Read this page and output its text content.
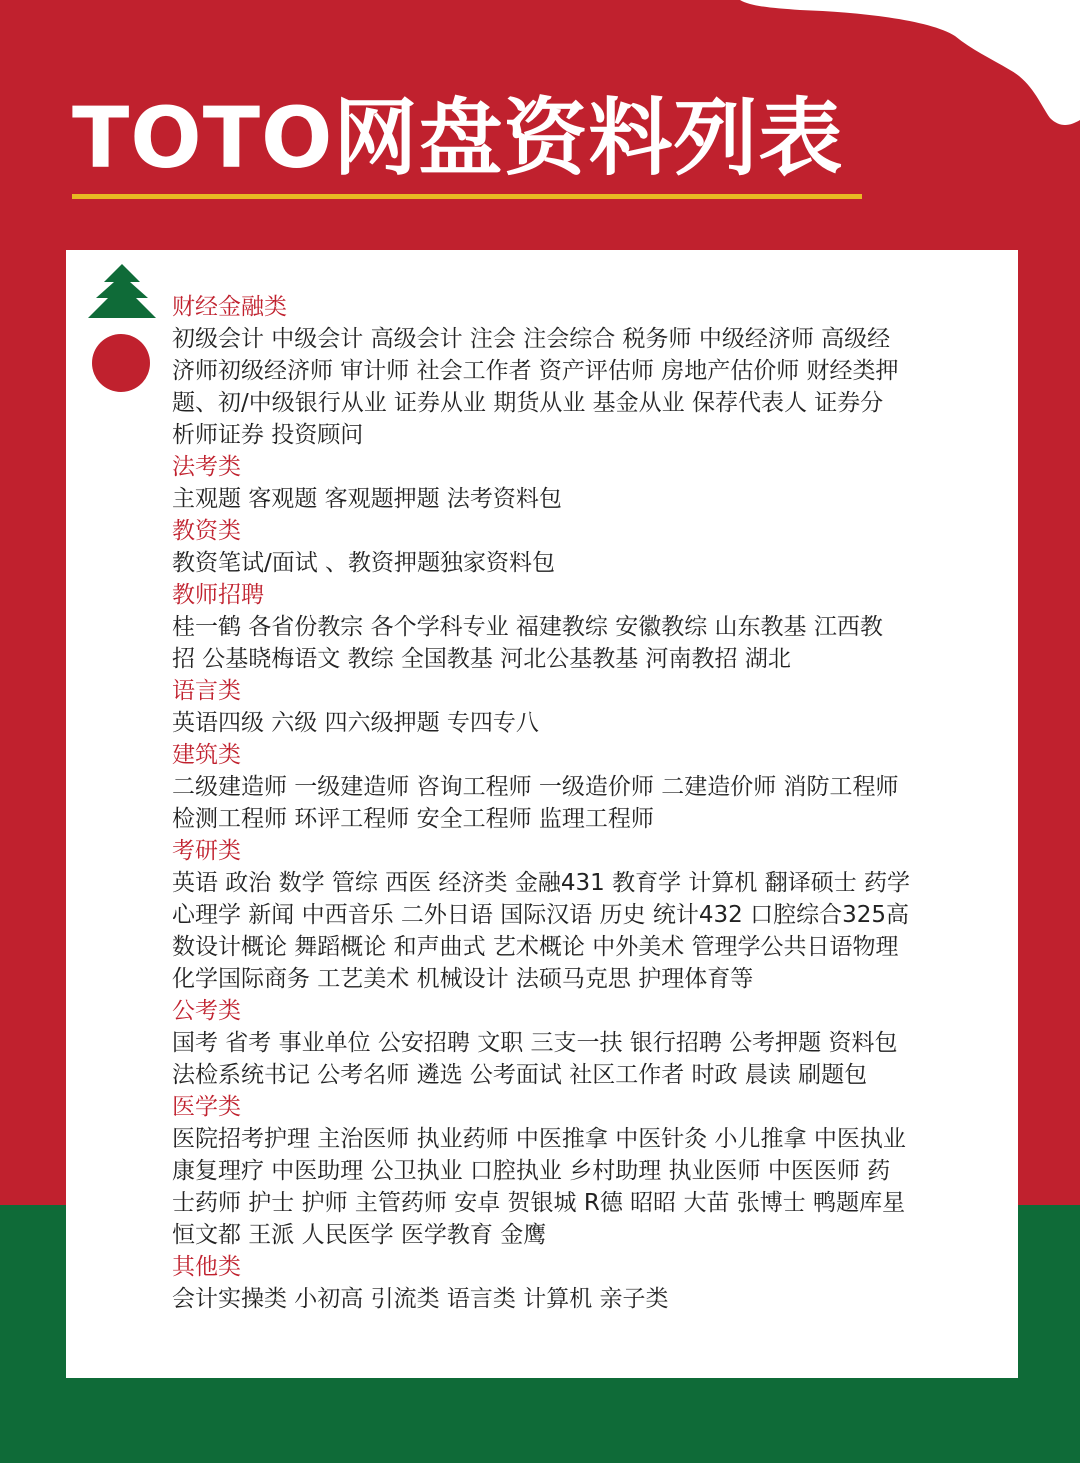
TOTO网盘资料列表

财经金融类

初级会计 中级会计 高级会计 注会 注会综合 税务师 中级经济师 高级经
济师初级经济师 审计师 社会工作者 资产评估师 房地产估价师 财经类押
题、初/中级银行从业 证券从业 期货从业 基金从业 保荐代表人 证券分
析师证券 投资顾问

法考类

主观题 客观题 客观题押题 法考资料包

教资类

教资笔试/面试 、教资押题独家资料包

教师招聘

桂一鹤 各省份教宗 各个学科专业 福建教综 安徽教综 山东教基 江西教
招 公基晓梅语文 教综 全国教基 河北公基教基 河南教招 湖北

语言类

英语四级 六级 四六级押题 专四专八

建筑类

二级建造师 一级建造师 咨询工程师 一级造价师 二建造价师 消防工程师
检测工程师 环评工程师 安全工程师 监理工程师

考研类

英语 政治 数学 管综 西医 经济类 金融431 教育学 计算机 翻译硕士 药学
心理学 新闻 中西音乐 二外日语 国际汉语 历史 统计432 口腔综合325高
数设计概论 舞蹈概论 和声曲式 艺术概论 中外美术 管理学公共日语物理
化学国际商务 工艺美术 机械设计 法硕马克思 护理体育等

公考类

国考 省考 事业单位 公安招聘 文职 三支一扶 银行招聘 公考押题 资料包
法检系统书记 公考名师 遴选 公考面试 社区工作者 时政 晨读 刷题包

医学类

医院招考护理 主治医师 执业药师 中医推拿 中医针灸 小儿推拿 中医执业
康复理疗 中医助理 公卫执业 口腔执业 乡村助理 执业医师 中医医师 药
士药师 护士 护师 主管药师 安卓 贺银城 R德 昭昭 大苗 张博士 鸭题库星
恒文都 王派 人民医学 医学教育 金鹰

其他类

会计实操类 小初高 引流类 语言类 计算机 亲子类
